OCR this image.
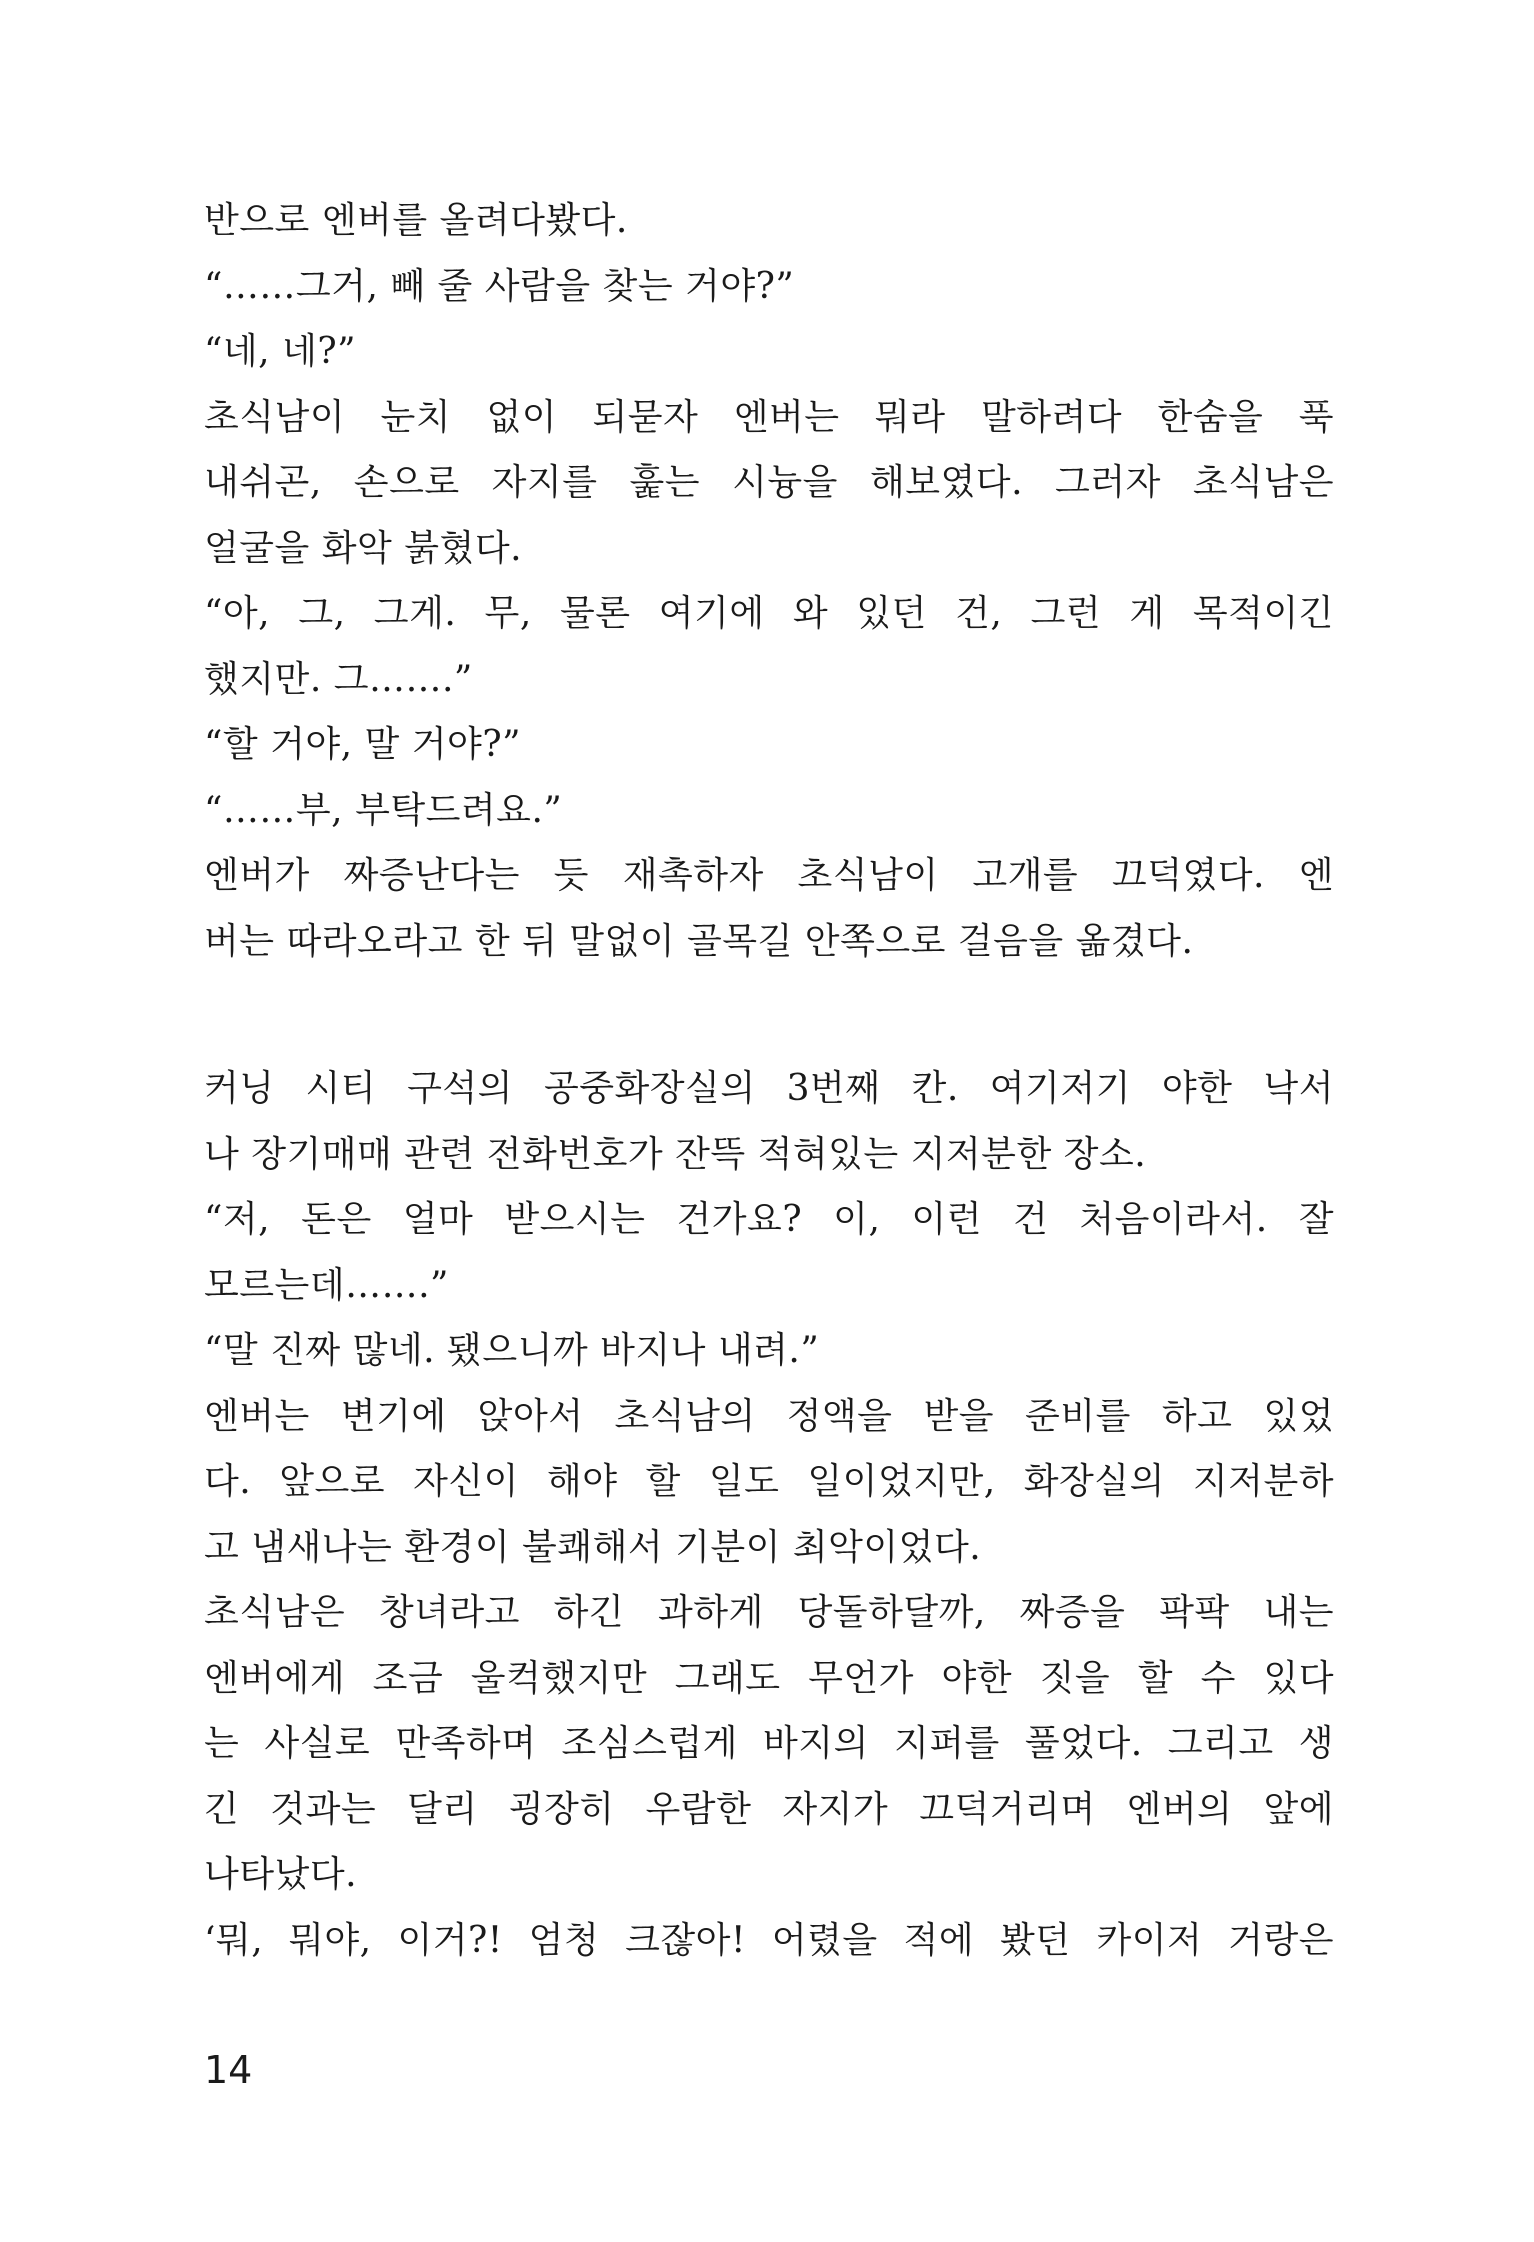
반으로 엔버를 올려다봤다.
“……그거, 빼 줄 사람을 찾는 거야?”
“네, 네?”
초식남이 눈치 없이 되묻자 엔버는 뭐라 말하려다 한숨을 푹
내쉬곤, 손으로 자지를 훑는 시늉을 해보였다. 그러자 초식남은
얼굴을 화악 붉혔다.
“아, 그, 그게. 무, 물론 여기에 와 있던 건, 그런 게 목적이긴
했지만. 그…….”
“할 거야, 말 거야?”
“……부, 부탁드려요.”
엔버가 짜증난다는 듯 재촉하자 초식남이 고개를 끄덕였다. 엔
버는 따라오라고 한 뒤 말없이 골목길 안쪽으로 걸음을 옮겼다.
커닝 시티 구석의 공중화장실의 3번째 칸. 여기저기 야한 낙서
나 장기매매 관련 전화번호가 잔뜩 적혀있는 지저분한 장소.
“저, 돈은 얼마 받으시는 건가요? 이, 이런 건 처음이라서. 잘
모르는데…….”
“말 진짜 많네. 됐으니까 바지나 내려.”
엔버는 변기에 앉아서 초식남의 정액을 받을 준비를 하고 있었
다. 앞으로 자신이 해야 할 일도 일이었지만, 화장실의 지저분하
고 냄새나는 환경이 불쾌해서 기분이 최악이었다.
초식남은 창녀라고 하긴 과하게 당돌하달까, 짜증을 팍팍 내는
엔버에게 조금 울컥했지만 그래도 무언가 야한 짓을 할 수 있다
는 사실로 만족하며 조심스럽게 바지의 지퍼를 풀었다. 그리고 생
긴 것과는 달리 굉장히 우람한 자지가 끄덕거리며 엔버의 앞에
나타났다.
‘뭐, 뭐야, 이거?! 엄청 크잖아! 어렸을 적에 봤던 카이저 거랑은
14
